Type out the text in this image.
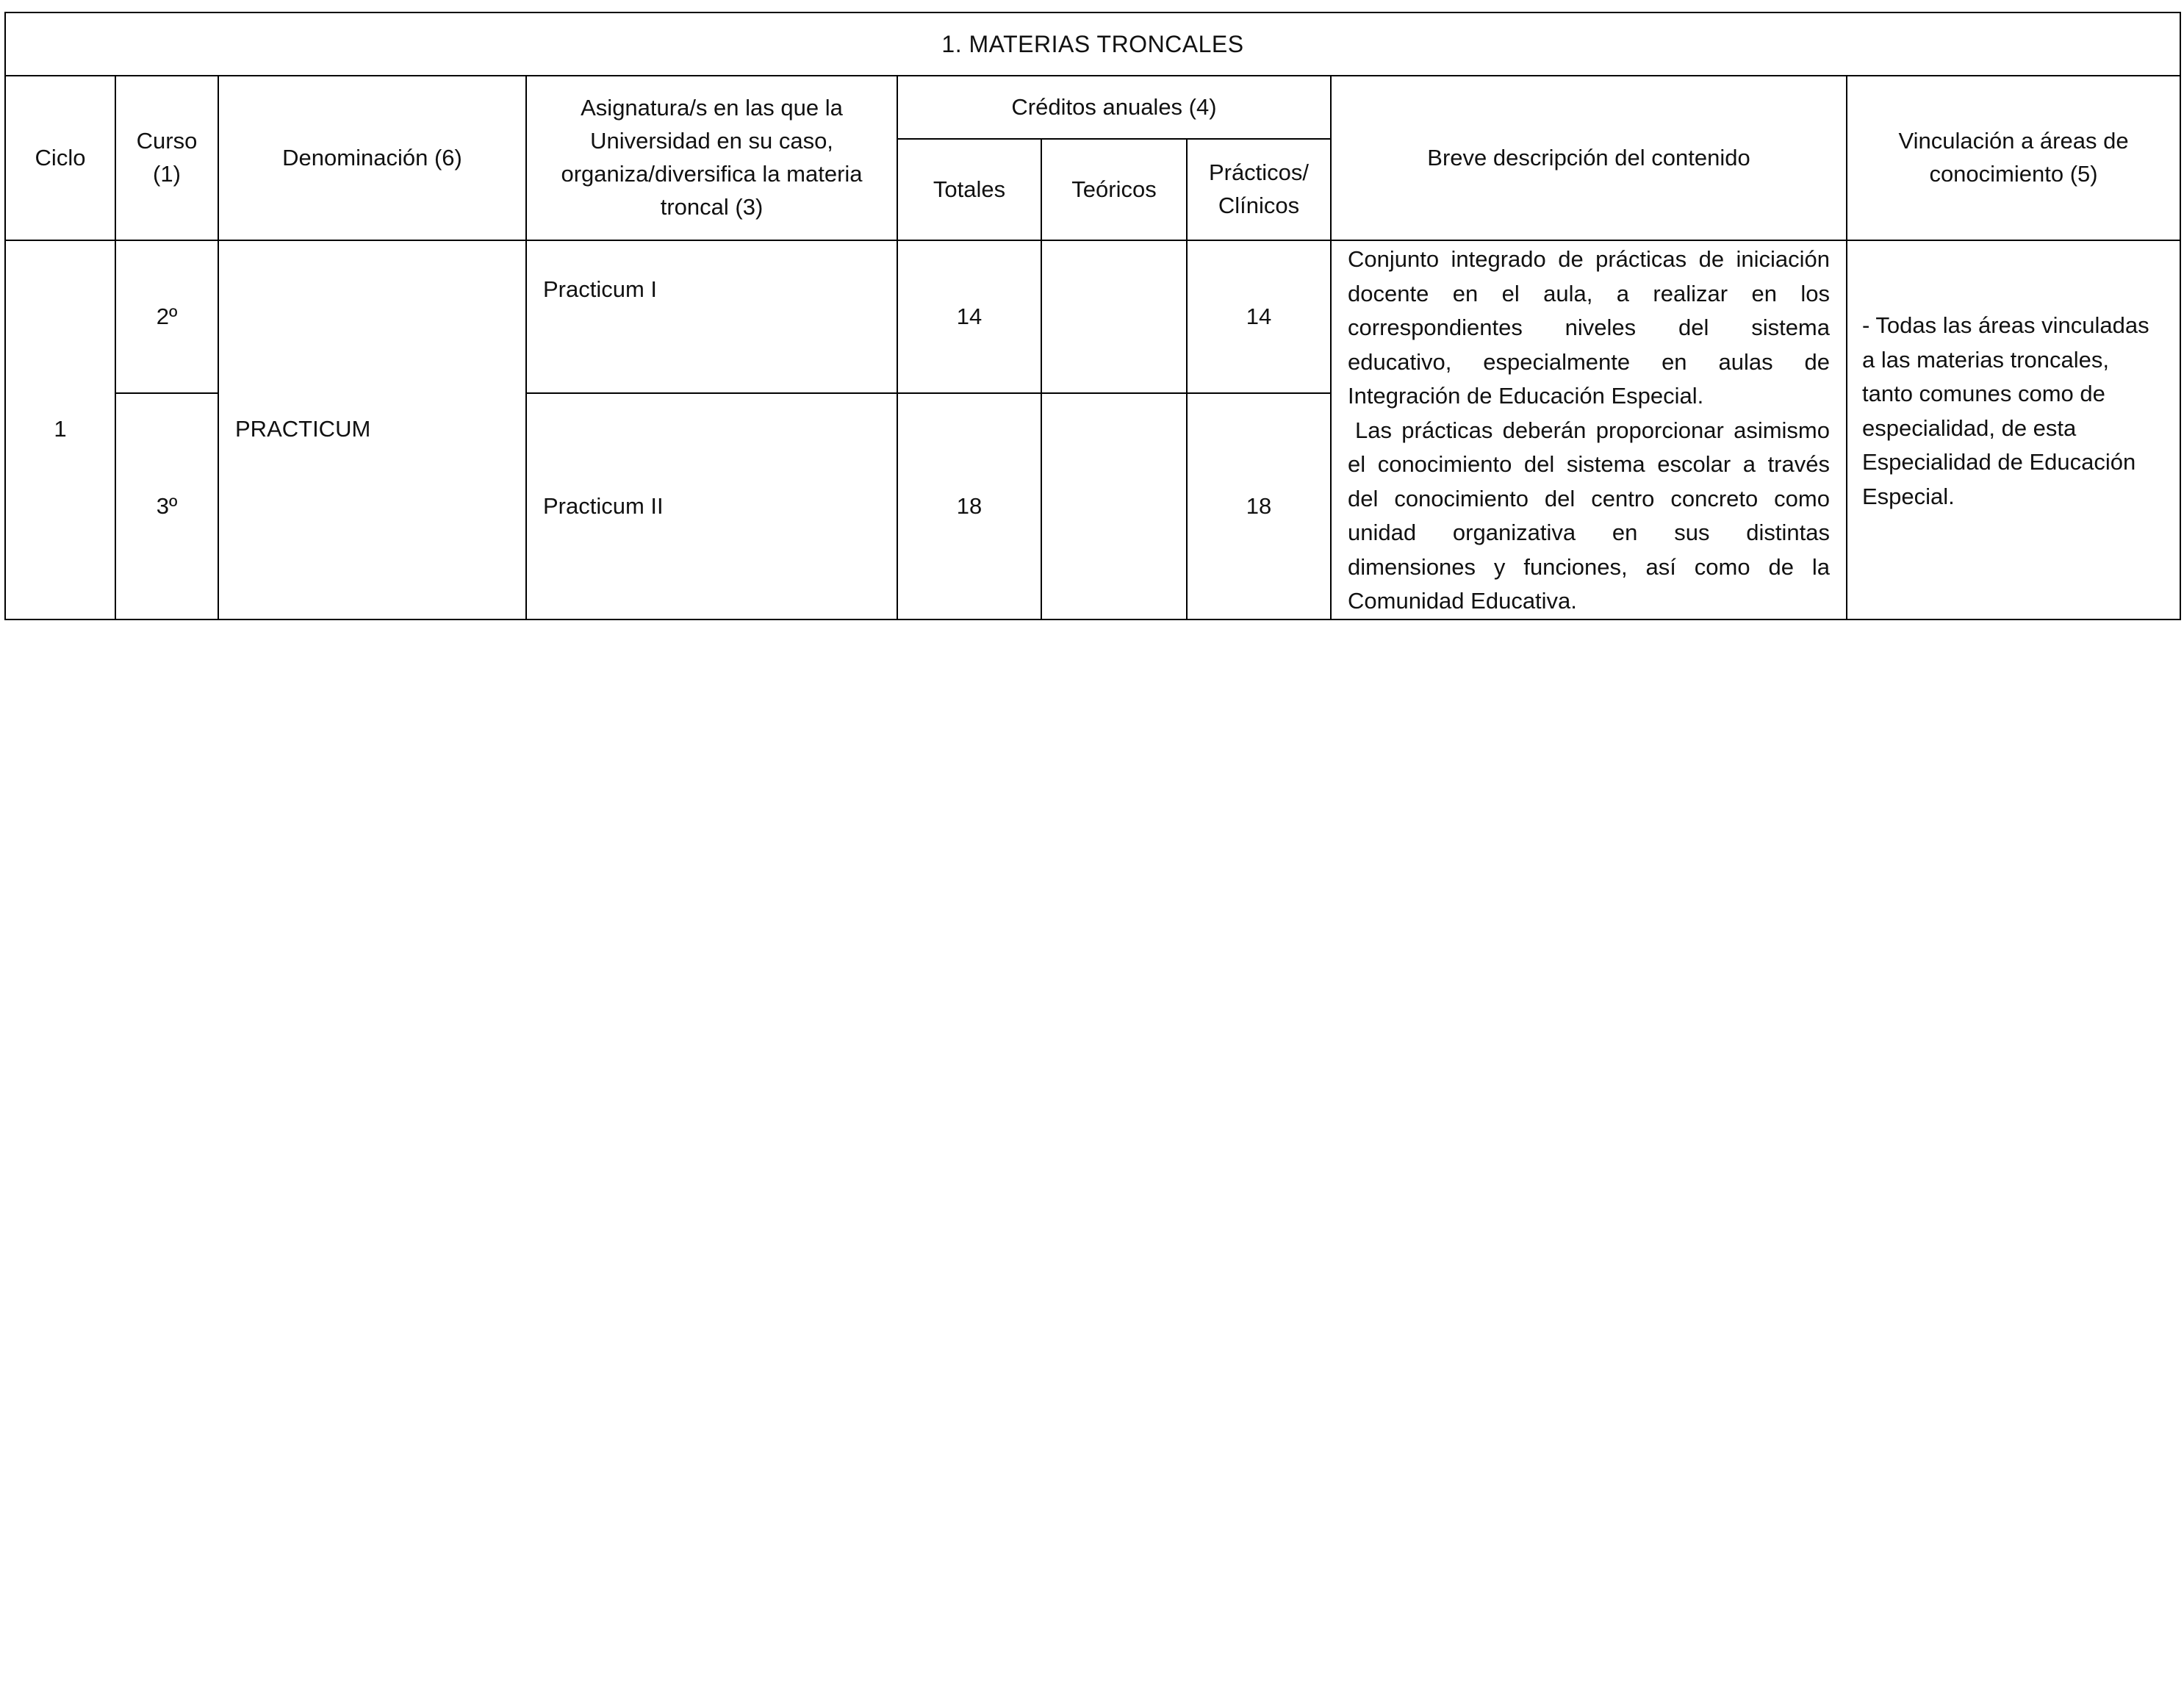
1. MATERIAS TRONCALES								
Ciclo	Curso (1)	Denominación (6)	Asignatura/s en las que la Universidad en su caso, organiza/diversifica la materia troncal (3)	Créditos anuales (4)			Breve descripción del contenido	Vinculación a áreas de conocimiento (5)
				Totales	Teóricos	Prácticos/ Clínicos		
1	2º	PRACTICUM	Practicum I	14		14	Conjunto integrado de prácticas de iniciación docente en el aula, a realizar en los correspondientes niveles del sistema educativo, especialmente en aulas de Integración de Educación Especial.

Las prácticas deberán proporcionar asimismo el conocimiento del sistema escolar a través del conocimiento del centro concreto como unidad organizativa en sus distintas dimensiones y funciones, así como de la Comunidad Educativa.	- Todas las áreas vinculadas a las materias troncales, tanto comunes como de especialidad, de esta Especialidad de Educación Especial.
	3º		Practicum II	18		18		
